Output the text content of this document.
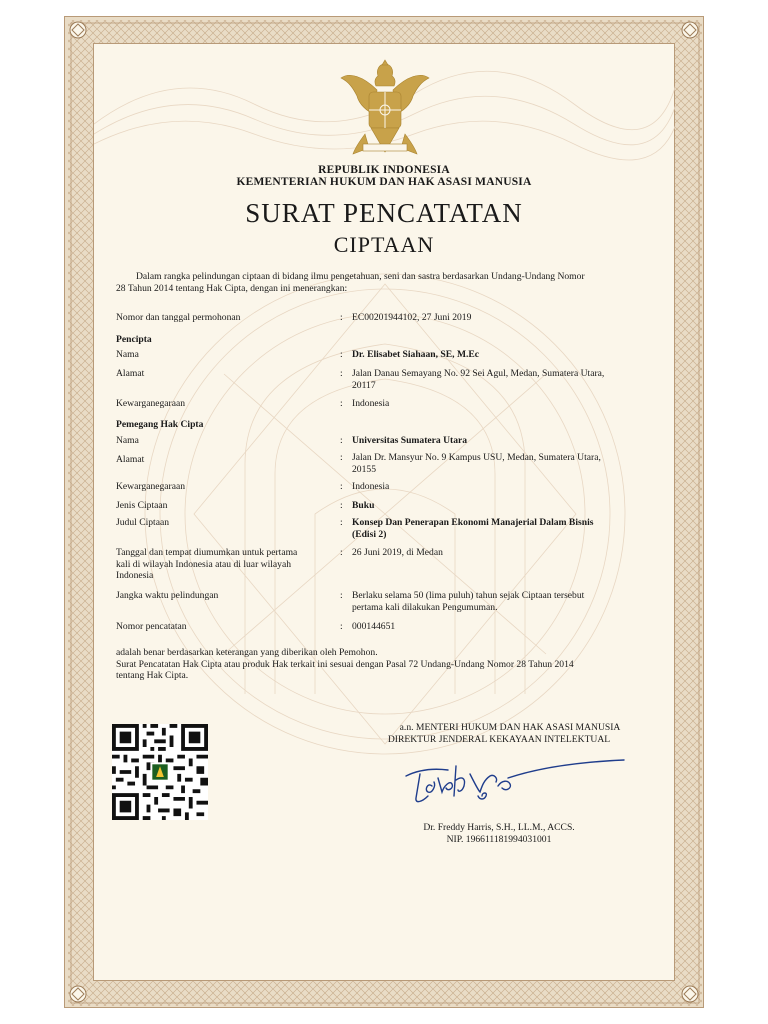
REPUBLIK INDONESIA
KEMENTERIAN HUKUM DAN HAK ASASI MANUSIA
SURAT PENCATATAN
CIPTAAN
Dalam rangka pelindungan ciptaan di bidang ilmu pengetahuan, seni dan sastra berdasarkan Undang-Undang Nomor
28 Tahun 2014 tentang Hak Cipta, dengan ini menerangkan:
Nomor dan tanggal permohonan	: EC00201944102, 27 Juni 2019
Pencipta
Nama	: Dr. Elisabet Siahaan, SE, M.Ec
Alamat	: Jalan Danau Semayang No. 92 Sei Agul, Medan, Sumatera Utara,
20117
Kewarganegaraan	: Indonesia
Pemegang Hak Cipta
Nama	: Universitas Sumatera Utara
Alamat	: Jalan Dr. Mansyur No. 9 Kampus USU, Medan, Sumatera Utara,
20155
Kewarganegaraan	: Indonesia
Jenis Ciptaan	: Buku
Judul Ciptaan	: Konsep Dan Penerapan Ekonomi Manajerial Dalam Bisnis
(Edisi 2)
Tanggal dan tempat diumumkan untuk pertama
kali di wilayah Indonesia atau di luar wilayah
Indonesia
: 26 Juni 2019, di Medan
Jangka waktu pelindungan	: Berlaku selama 50 (lima puluh) tahun sejak Ciptaan tersebut
pertama kali dilakukan Pengumuman.
Nomor pencatatan	: 000144651
adalah benar berdasarkan keterangan yang diberikan oleh Pemohon.
Surat Pencatatan Hak Cipta atau produk Hak terkait ini sesuai dengan Pasal 72 Undang-Undang Nomor 28 Tahun 2014
tentang Hak Cipta.
a.n. MENTERI HUKUM DAN HAK ASASI MANUSIA
DIREKTUR JENDERAL KEKAYAAN INTELEKTUAL
Dr. Freddy Harris, S.H., LL.M., ACCS.
NIP. 196611181994031001
